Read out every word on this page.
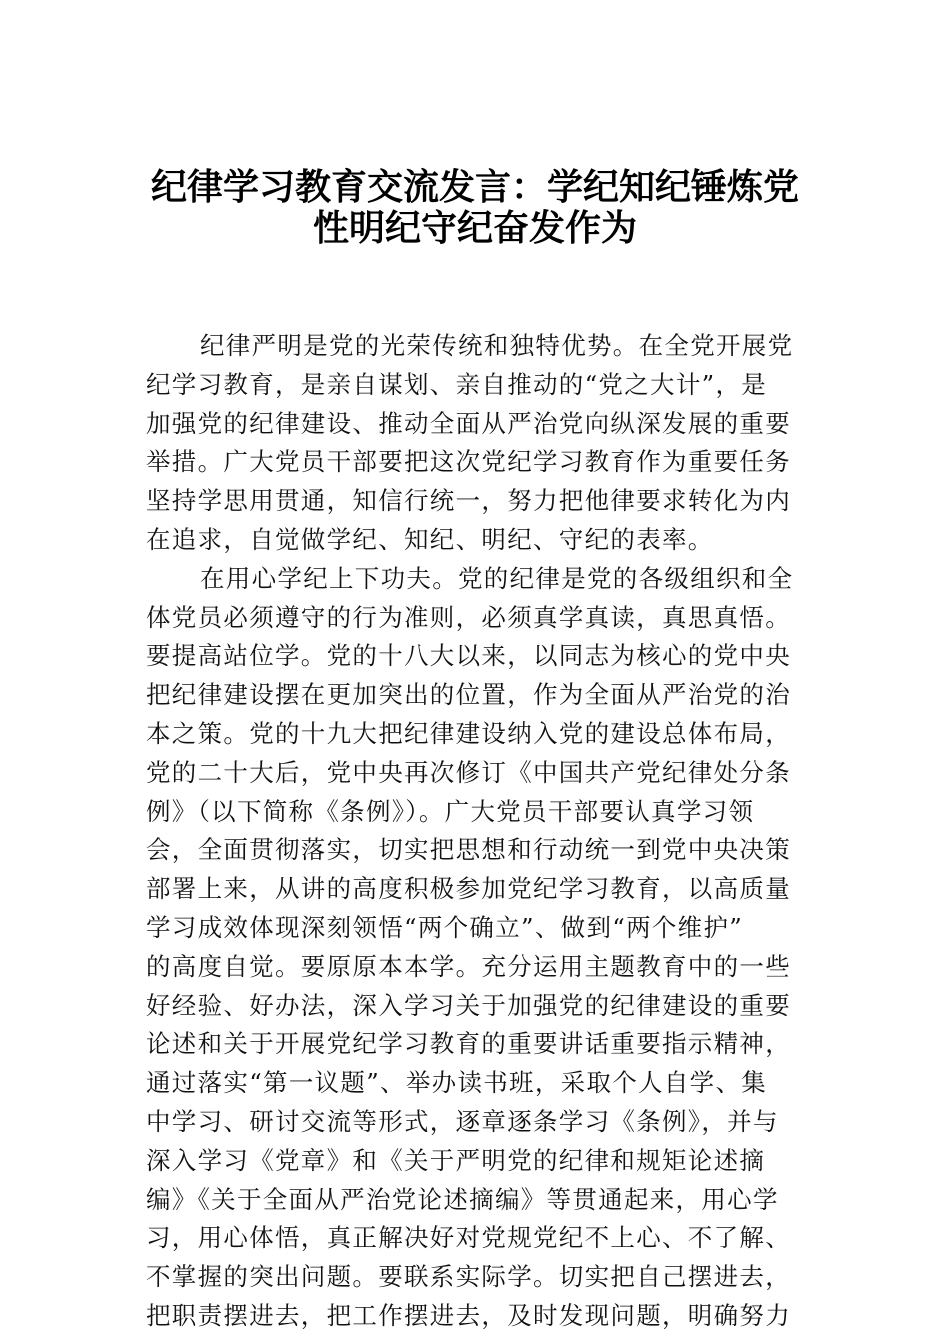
纪律学习教育交流发言：学纪知纪锤炼党
性明纪守纪奋发作为
纪律严明是党的光荣传统和独特优势。在全党开展党
纪学习教育，是亲自谋划、亲自推动的“党之大计”，是
加强党的纪律建设、推动全面从严治党向纵深发展的重要
举措。广大党员干部要把这次党纪学习教育作为重要任务
坚持学思用贯通，知信行统一，努力把他律要求转化为内
在追求，自觉做学纪、知纪、明纪、守纪的表率。
在用心学纪上下功夫。党的纪律是党的各级组织和全
体党员必须遵守的行为准则，必须真学真读，真思真悟。
要提高站位学。党的十八大以来，以同志为核心的党中央
把纪律建设摆在更加突出的位置，作为全面从严治党的治
本之策。党的十九大把纪律建设纳入党的建设总体布局，
党的二十大后，党中央再次修订《中国共产党纪律处分条
例》（以下简称《条例》）。广大党员干部要认真学习领
会，全面贯彻落实，切实把思想和行动统一到党中央决策
部署上来，从讲的高度积极参加党纪学习教育，以高质量
学习成效体现深刻领悟“两个确立”、做到“两个维护”
的高度自觉。要原原本本学。充分运用主题教育中的一些
好经验、好办法，深入学习关于加强党的纪律建设的重要
论述和关于开展党纪学习教育的重要讲话重要指示精神，
通过落实“第一议题”、举办读书班，采取个人自学、集
中学习、研讨交流等形式，逐章逐条学习《条例》，并与
深入学习《党章》和《关于严明党的纪律和规矩论述摘
编》《关于全面从严治党论述摘编》等贯通起来，用心学
习，用心体悟，真正解决好对党规党纪不上心、不了解、
不掌握的突出问题。要联系实际学。切实把自己摆进去，
把职责摆进去，把工作摆进去，及时发现问题，明确努力
